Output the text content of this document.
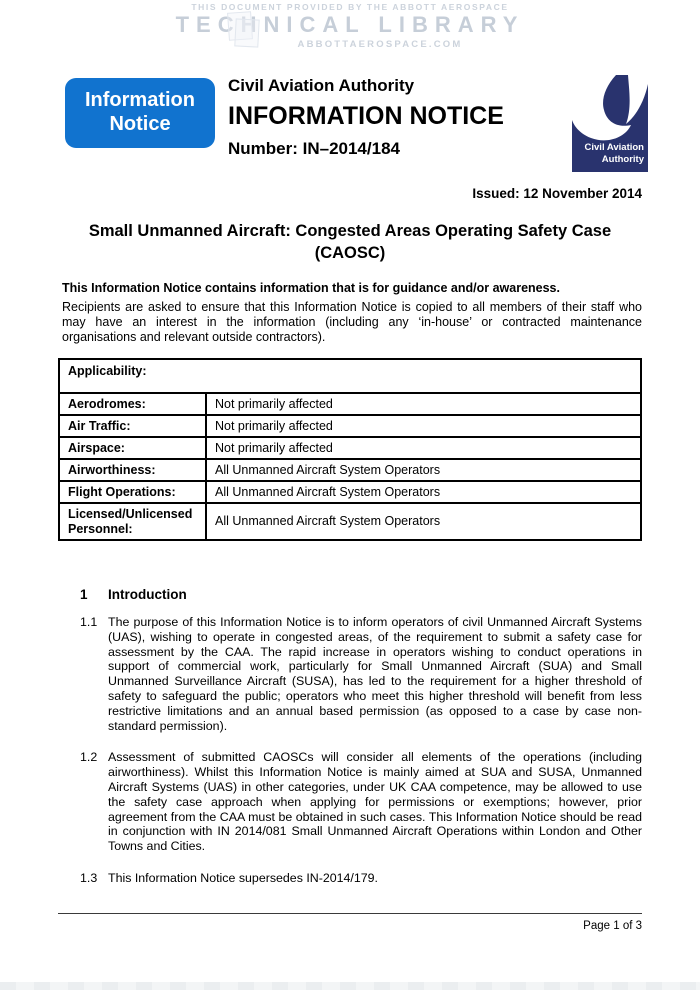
THIS DOCUMENT PROVIDED BY THE ABBOTT AEROSPACE
TECHNICAL LIBRARY
ABBOTTAEROSPACE.COM
Information
Notice
Civil Aviation Authority
INFORMATION NOTICE
Number: IN–2014/184	Civil Aviation
Authority
Issued: 12 November 2014
Small Unmanned Aircraft: Congested Areas Operating Safety Case (CAOSC)
This Information Notice contains information that is for guidance and/or awareness.
Recipients are asked to ensure that this Information Notice is copied to all members of their staff who may have an interest in the information (including any ‘in-house’ or contracted maintenance organisations and relevant outside contractors).
Applicability:	
Aerodromes:	Not primarily affected
Air Traffic:	Not primarily affected
Airspace:	Not primarily affected
Airworthiness:	All Unmanned Aircraft System Operators
Flight Operations:	All Unmanned Aircraft System Operators
Licensed/Unlicensed Personnel:	All Unmanned Aircraft System Operators
1	Introduction
1.1 The purpose of this Information Notice is to inform operators of civil Unmanned Aircraft Systems (UAS), wishing to operate in congested areas, of the requirement to submit a safety case for assessment by the CAA. The rapid increase in operators wishing to conduct operations in support of commercial work, particularly for Small Unmanned Aircraft (SUA) and Small Unmanned Surveillance Aircraft (SUSA), has led to the requirement for a higher threshold of safety to safeguard the public; operators who meet this higher threshold will benefit from less restrictive limitations and an annual based permission (as opposed to a case by case non-standard permission).
1.2 Assessment of submitted CAOSCs will consider all elements of the operations (including airworthiness). Whilst this Information Notice is mainly aimed at SUA and SUSA, Unmanned Aircraft Systems (UAS) in other categories, under UK CAA competence, may be allowed to use the safety case approach when applying for permissions or exemptions; however, prior agreement from the CAA must be obtained in such cases. This Information Notice should be read in conjunction with IN 2014/081 Small Unmanned Aircraft Operations within London and Other Towns and Cities.
1.3 This Information Notice supersedes IN-2014/179.
Page 1 of 3
